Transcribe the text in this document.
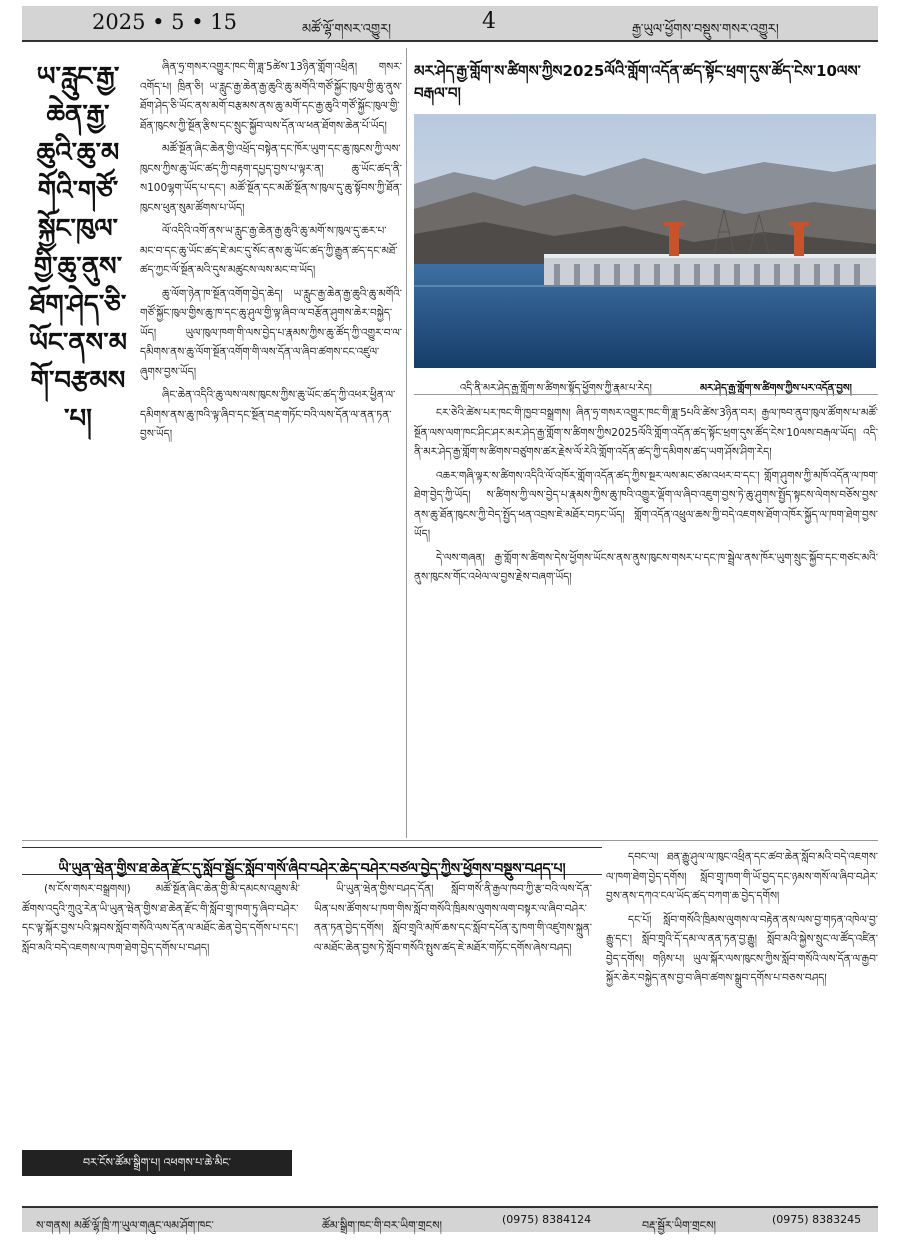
2025 • 5 • 15	མཚོ་ལྷོ་གསར་འགྱུར།	4	རྒྱ་ཡུལ་ཕྱོགས་བསྡུས་གསར་འགྱུར།
ཡ་རླུང་རྒྱ་ཆེན་རྒྱ་ཆུའི་ཆུ་མགོའི་གཙོ་སྐྱོང་ཁུལ་གྱི་ཆུ་ནུས་ཐོག་ཤེད་ཅི་ཡོང་ནས་མགོ་བརྩམས་པ།

ཞིན་ཧྲ་གསར་འགྱུར་ཁང་གི་ཟླ་5ཚེས་13ཉིན་གློག་འཕྲིན། གསར་འགོད་པ། ཁྲིན་ཅི། ཡ་རླུང་རྒྱ་ཆེན་རྒྱ་ཆུའི་ཆུ་མགོའི་གཙོ་སྐྱོང་ཁུལ་གྱི་ཆུ་ནུས་ཐོག་ཤེད་ཅི་ཡོང་ནས་མགོ་བརྩམས་ནས་ཆུ་མགོ་དང་རྒྱ་ཆུའི་གཙོ་སྐྱོང་ཁུལ་གྱི་ཐོན་ཁུངས་ཀྱི་སྔོན་རྩིས་དང་སྲུང་སྐྱོབ་ལས་དོན་ལ་ཕན་ཐོགས་ཆེན་པོ་ཡོད།

མཚོ་སྔོན་ཞིང་ཆེན་གྱི་འཕྲོད་བསྟེན་དང་ཁོར་ཡུག་དང་ཆུ་ཁུངས་ཀྱི་ལས་ཁུངས་ཀྱིས་ཆུ་ཡོང་ཚད་ཀྱི་བརྟག་དཔྱད་བྱས་པ་ལྟར་ན། ཆུ་ཡོང་ཚད་ནི་ས100ལྷག་ཡོད་པ་དང་། མཚོ་སྔོན་དང་མཚོ་སྔོན་ས་ཁུལ་དུ་ཆུ་སྟོབས་ཀྱི་ཐོན་ཁུངས་ཕུན་སུམ་ཚོགས་པ་ཡོད།

ལོ་འདིའི་འགོ་ནས་ཡ་རླུང་རྒྱ་ཆེན་རྒྱ་ཆུའི་ཆུ་མགོ་ས་ཁུལ་དུ་ཆར་པ་མང་བ་དང་ཆུ་ཡོང་ཚད་ཇེ་མང་དུ་སོང་ནས་ཆུ་ཡོང་ཚད་ཀྱི་རྒྱུན་ཚད་དང་མཐོ་ཚད་ཀྱང་ལོ་སྔོན་མའི་དུས་མཚུངས་ལས་མང་བ་ཡོད།

ཆུ་ལོག་ཉེན་ཁ་སྔོན་འགོག་བྱེད་ཆེད། ཡ་རླུང་རྒྱ་ཆེན་རྒྱ་ཆུའི་ཆུ་མགོའི་གཙོ་སྐྱོང་ཁུལ་གྱིས་ཆུ་ཁ་དང་ཆུ་ཤུལ་གྱི་ལྟ་ཞིབ་ལ་བརྩོན་ཤུགས་ཆེར་བསྐྱེད་ཡོད། ཡུལ་ཁུལ་ཁག་གི་ལས་བྱེད་པ་རྣམས་ཀྱིས་ཆུ་ཚོད་ཀྱི་འགྱུར་བ་ལ་དམིགས་ནས་ཆུ་ལོག་སྔོན་འགོག་གི་ལས་དོན་ལ་ཞིབ་ཚགས་ངང་འཛུལ་ཞུགས་བྱས་ཡོད།

ཞིང་ཆེན་འདིའི་ཆུ་ལས་ལས་ཁུངས་ཀྱིས་ཆུ་ཡོང་ཚད་ཀྱི་འཕར་ཕྱིན་ལ་དམིགས་ནས་ཆུ་ཁའི་ལྟ་ཞིབ་དང་སྔོན་བརྡ་གཏོང་བའི་ལས་དོན་ལ་ནན་ཏན་བྱས་ཡོད།

མར་ཤེད་རྒྱ་གློག་ས་ཚིགས་ཀྱིས2025ལོའི་གློག་འདོན་ཚད་སྟོང་ཕྲག་དུས་ཚོད་ངེས་10ལས་བརྒལ་བ།
འདི་ནི་མར་ཤེད་རྒྱ་གློག་ས་ཚིགས་སྟོད་ཕྱོགས་ཀྱི་རྣམ་པ་རེད།	མར་ཤེད་རྒྱ་གློག་ས་ཚིགས་ཀྱིས་པར་འདོན་བྱས།

ངར་ཅེའི་ཚེས་པར་ཁང་གི་ཁྱབ་བསྒྲགས། ཞིན་ཧྲ་གསར་འགྱུར་ཁང་གི་ཟླ་5པའི་ཚེས་3ཉིན་བར། རྒྱལ་ཁབ་ནུབ་ཁུལ་ཚོགས་པ་མཚོ་སྔོན་ལས་ལག་ཁང་ཤིང་ཤར་མར་ཤེད་རྒྱ་གློག་ས་ཚིགས་ཀྱིས2025ལོའི་གློག་འདོན་ཚད་སྟོང་ཕྲག་དུས་ཚོད་ངེས་10ལས་བརྒལ་ཡོད། འདི་ནི་མར་ཤེད་རྒྱ་གློག་ས་ཚིགས་བཙུགས་ཚར་རྗེས་ལོ་རེའི་གློག་འདོན་ཚད་ཀྱི་དམིགས་ཚད་ཡག་ཤོས་ཤིག་རེད།

འཆར་གཞི་ལྟར་ས་ཚིགས་འདིའི་ལོ་འཁོར་གློག་འདོན་ཚད་ཀྱིས་སྔར་ལས་མང་ཙམ་འཕར་བ་དང་། གློག་ཤུགས་ཀྱི་མཁོ་འདོན་ལ་ཁག་ཐེག་བྱེད་ཀྱི་ཡོད། ས་ཚིགས་ཀྱི་ལས་བྱེད་པ་རྣམས་ཀྱིས་ཆུ་ཁའི་འགྱུར་ལྡོག་ལ་ཞིབ་འཇུག་བྱས་ཏེ་ཆུ་ཤུགས་སྤྱོད་སྟངས་ལེགས་བཅོས་བྱས་ནས་ཆུ་ཐོན་ཁུངས་ཀྱི་བེད་སྤྱོད་ཕན་འབྲས་ཇེ་མཐོར་བཏང་ཡོད། གློག་འདོན་འཕྲུལ་ཆས་ཀྱི་བདེ་འཇགས་ཐོག་འཁོར་སྐྱོད་ལ་ཁག་ཐེག་བྱས་ཡོད།

དེ་ལས་གཞན། རྒྱ་གློག་ས་ཚིགས་དེས་ཕྱོགས་ཡོངས་ནས་ནུས་ཁུངས་གསར་པ་དང་ཁ་སྦྲེལ་ནས་ཁོར་ཡུག་སྲུང་སྐྱོབ་དང་གཙང་མའི་ནུས་ཁུངས་གོང་འཕེལ་ལ་བྱས་རྗེས་བཞག་ཡོད།

ཡི་ཡུན་ཝེན་གྱིས་ཐ་ཆེན་རྫོང་དུ་སློབ་སྦྱོང་སློབ་གསོ་ཞིབ་བཤེར་ཆེད་བཤེར་བཙལ་བྱེད་ཀྱིས་ཕྱོགས་བསྡུས་བཤད་པ།

(ས་ངོས་གསར་བསྒྲགས།) མཚོ་སྔོན་ཞིང་ཆེན་གྱི་མི་དམངས་འཐུས་མི་ཚོགས་འདུའི་ཀྲུའུ་རེན་ཡི་ཡུན་ཝེན་གྱིས་ཐ་ཆེན་རྫོང་གི་སློབ་གྲྭ་ཁག་ཏུ་ཞིབ་བཤེར་དང་ལྟ་སྐོར་བྱས་པའི་སྐབས་སློབ་གསོའི་ལས་དོན་ལ་མཐོང་ཆེན་བྱེད་དགོས་པ་དང་། སློབ་མའི་བདེ་འཇགས་ལ་ཁག་ཐེག་བྱེད་དགོས་པ་བཤད།

ཡི་ཡུན་ཝེན་གྱིས་བཤད་དོན། སློབ་གསོ་ནི་རྒྱལ་ཁབ་ཀྱི་རྩ་བའི་ལས་དོན་ཡིན་པས་ཚོགས་པ་ཁག་གིས་སློབ་གསོའི་ཁྲིམས་ལུགས་ལག་བསྟར་ལ་ཞིབ་བཤེར་ནན་ཏན་བྱེད་དགོས། སློབ་གྲྭའི་མཁོ་ཆས་དང་སློབ་དཔོན་རུ་ཁག་གི་འཛུགས་སྐྲུན་ལ་མཐོང་ཆེན་བྱས་ཏེ་སློབ་གསོའི་སྤུས་ཚད་ཇེ་མཐོར་གཏོང་དགོས་ཞེས་བཤད།

བར་ངོས་ཚོམ་སྒྲིག་པ། འཕགས་པ་ཆེ་མིང་

དབང་ལ། ཐན་རྒྱུ་ཤུལ་ལ་ཁུང་འཕྲིན་དང་ཚབ་ཆེན་སློབ་མའི་བདེ་འཇགས་ལ་ཁག་ཐེག་བྱེད་དགོས། སློབ་གྲྭ་ཁག་གི་ཡོ་བྱད་དང་ཉམས་གསོ་ལ་ཞིབ་བཤེར་བྱས་ནས་དཀའ་ངལ་ཡོད་ཚད་བཀག་ཆ་བྱེད་དགོས།

དང་པོ། སློབ་གསོའི་ཁྲིམས་ལུགས་ལ་བརྟེན་ནས་ལས་བྱ་གཏན་འཁེལ་བྱ་རྒྱུ་དང་། སློབ་གྲྭའི་དོ་དམ་ལ་ནན་ཏན་བྱ་རྒྱུ། སློབ་མའི་སྐྱེས་སྲུང་ལ་ཚོད་འཛིན་བྱེད་དགོས། གཉིས་པ། ཡུལ་སྐོར་ལས་ཁུངས་ཀྱིས་སློབ་གསོའི་ལས་དོན་ལ་རྒྱབ་སྐྱོར་ཆེར་བསྐྱེད་ནས་བྱ་བ་ཞིབ་ཚགས་སྒྲུབ་དགོས་པ་བཅས་བཤད།

ས་གནས། མཚོ་ལྷོ་ཁྲི་ཀ་ཡུལ་གཞུང་ལམ་ཤོག་ཁང་	ཚོམ་སྒྲིག་ཁང་གི་བར་ཡིག་གྲངས།	(0975) 8384124	བརྡ་སྦྱོར་ཡིག་གྲངས།	(0975) 8383245
